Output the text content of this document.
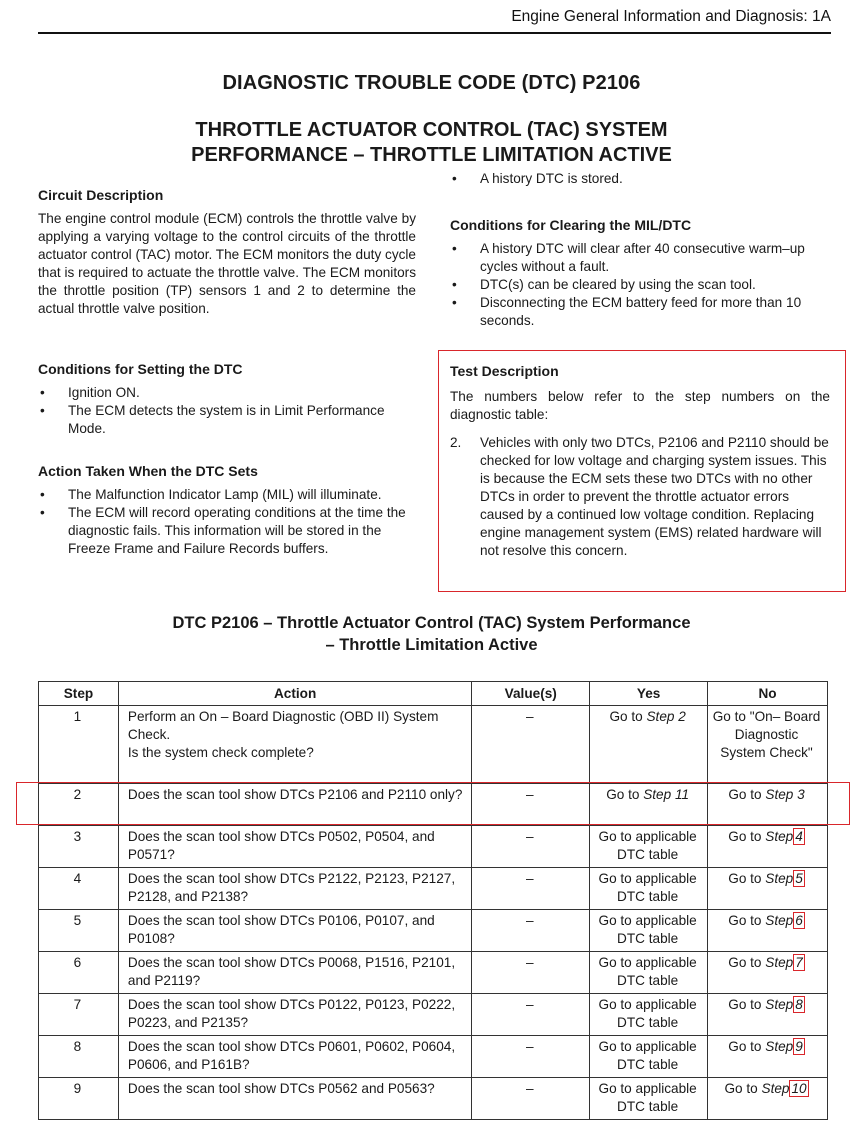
Engine General Information and Diagnosis: 1A
DIAGNOSTIC TROUBLE CODE (DTC) P2106
THROTTLE ACTUATOR CONTROL (TAC) SYSTEM
PERFORMANCE – THROTTLE LIMITATION ACTIVE
Circuit Description

The engine control module (ECM) controls the throttle valve by applying a varying voltage to the control circuits of the throttle actuator control (TAC) motor. The ECM monitors the duty cycle that is required to actuate the throttle valve. The ECM monitors the throttle position (TP) sensors 1 and 2 to determine the actual throttle valve position.

Conditions for Setting the DTC
• Ignition ON.
• The ECM detects the system is in Limit Performance Mode.
Action Taken When the DTC Sets
• The Malfunction Indicator Lamp (MIL) will illuminate.
• The ECM will record operating conditions at the time the diagnostic fails. This information will be stored in the Freeze Frame and Failure Records buffers.
• A history DTC is stored.
Conditions for Clearing the MIL/DTC
• A history DTC will clear after 40 consecutive warm–up cycles without a fault.
• DTC(s) can be cleared by using the scan tool.
• Disconnecting the ECM battery feed for more than 10 seconds.
Test Description

The numbers below refer to the step numbers on the diagnostic table:

2. Vehicles with only two DTCs, P2106 and P2110 should be checked for low voltage and charging system issues. This is because the ECM sets these two DTCs with no other DTCs in order to prevent the throttle actuator errors caused by a continued low voltage condition. Replacing engine management system (EMS) related hardware will not resolve this concern.
DTC P2106 – Throttle Actuator Control (TAC) System Performance
– Throttle Limitation Active
Step	Action	Value(s)	Yes	No
1	Perform an On – Board Diagnostic (OBD II) System Check.
Is the system check complete?	–	Go to Step 2	Go to "On– Board Diagnostic System Check"
2	Does the scan tool show DTCs P2106 and P2110 only?	–	Go to Step 11	Go to Step 3
3	Does the scan tool show DTCs P0502, P0504, and P0571?	–	Go to applicable DTC table	Go to Step 4
4	Does the scan tool show DTCs P2122, P2123, P2127, P2128, and P2138?	–	Go to applicable DTC table	Go to Step 5
5	Does the scan tool show DTCs P0106, P0107, and P0108?	–	Go to applicable DTC table	Go to Step 6
6	Does the scan tool show DTCs P0068, P1516, P2101, and P2119?	–	Go to applicable DTC table	Go to Step 7
7	Does the scan tool show DTCs P0122, P0123, P0222, P0223, and P2135?	–	Go to applicable DTC table	Go to Step 8
8	Does the scan tool show DTCs P0601, P0602, P0604, P0606, and P161B?	–	Go to applicable DTC table	Go to Step 9
9	Does the scan tool show DTCs P0562 and P0563?	–	Go to applicable DTC table	Go to Step 10
